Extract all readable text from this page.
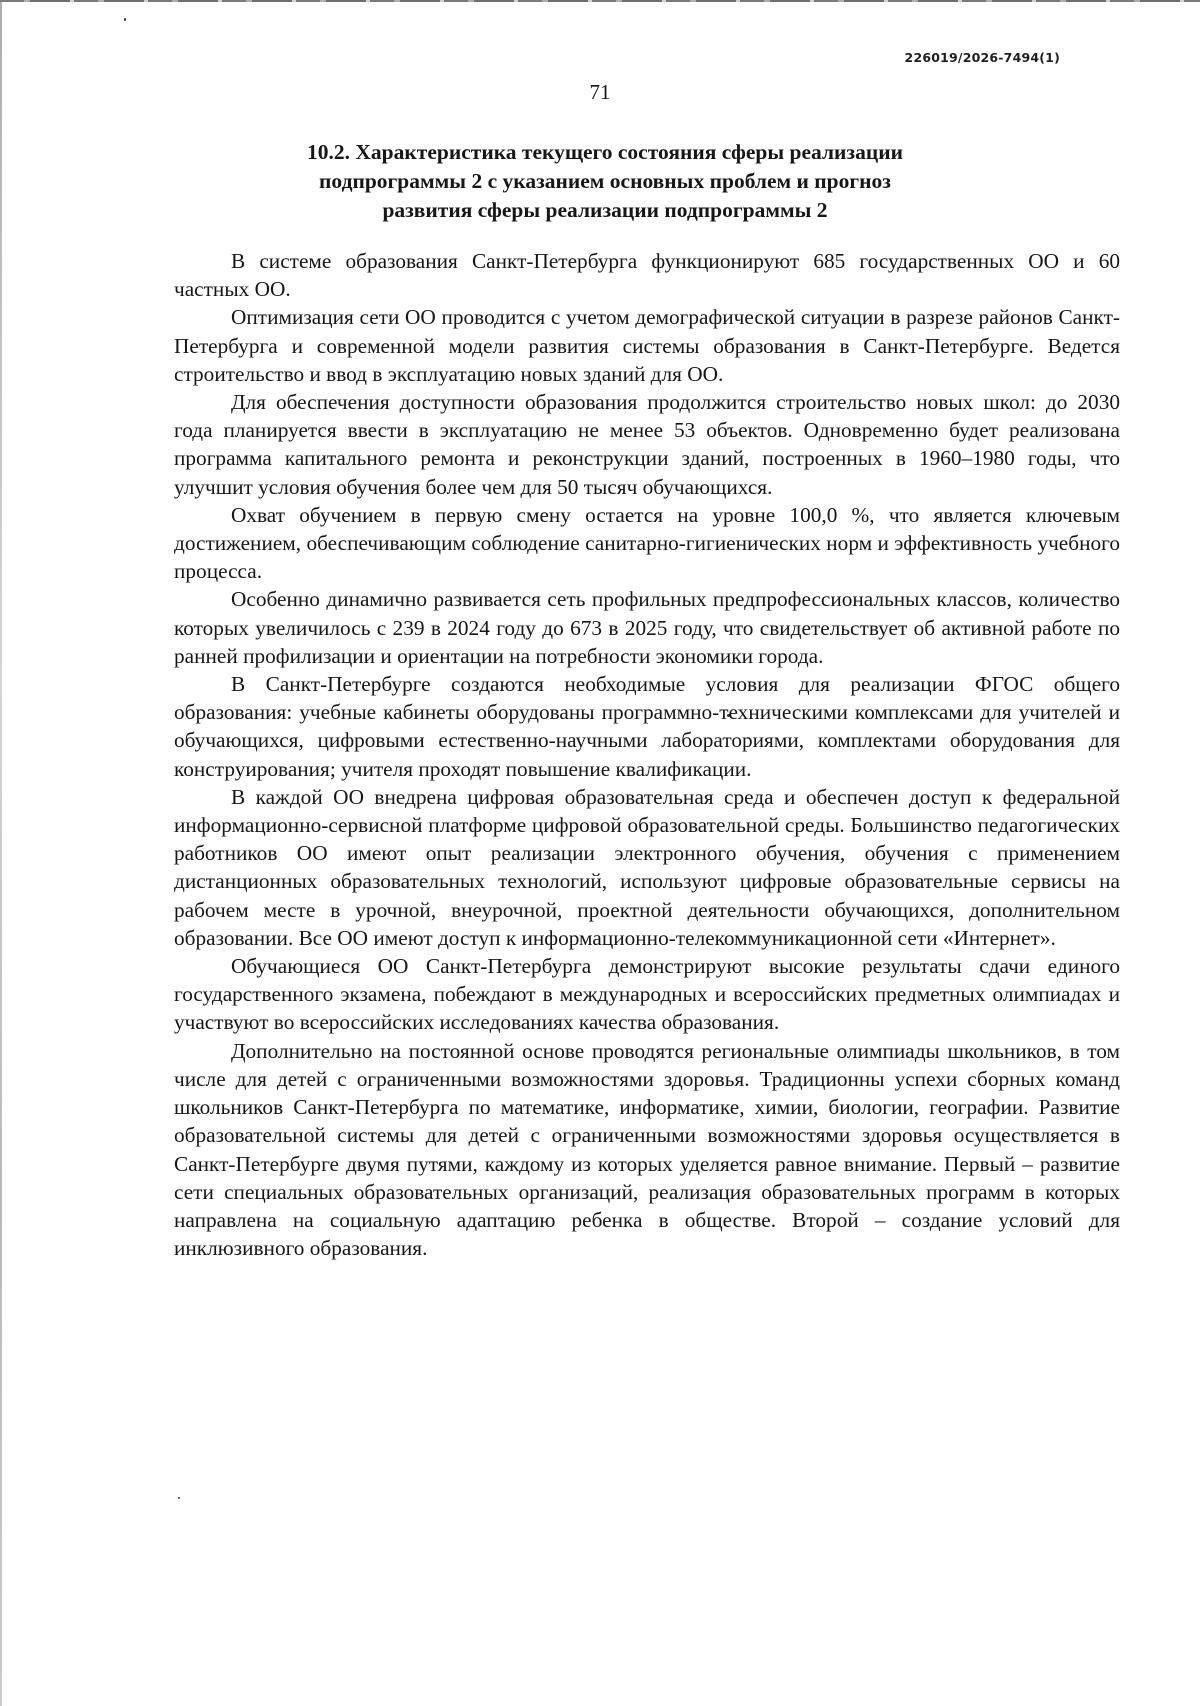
226019/2026-7494(1)
71
10.2. Характеристика текущего состояния сферы реализации
подпрограммы 2 с указанием основных проблем и прогноз
развития сферы реализации подпрограммы 2

В системе образования Санкт-Петербурга функционируют 685 государственных ОО и 60 частных ОО.

Оптимизация сети ОО проводится с учетом демографической ситуации в разрезе районов Санкт-Петербурга и современной модели развития системы образования в Санкт-Петербурге. Ведется строительство и ввод в эксплуатацию новых зданий для ОО.

Для обеспечения доступности образования продолжится строительство новых школ: до 2030 года планируется ввести в эксплуатацию не менее 53 объектов. Одновременно будет реализована программа капитального ремонта и реконструкции зданий, построенных в 1960–1980 годы, что улучшит условия обучения более чем для 50 тысяч обучающихся.

Охват обучением в первую смену остается на уровне 100,0 %, что является ключевым достижением, обеспечивающим соблюдение санитарно-гигиенических норм и эффективность учебного процесса.

Особенно динамично развивается сеть профильных предпрофессиональных классов, количество которых увеличилось с 239 в 2024 году до 673 в 2025 году, что свидетельствует об активной работе по ранней профилизации и ориентации на потребности экономики города.

В Санкт-Петербурге создаются необходимые условия для реализации ФГОС общего образования: учебные кабинеты оборудованы программно-техническими комплексами для учителей и обучающихся, цифровыми естественно-научными лабораториями, комплектами оборудования для конструирования; учителя проходят повышение квалификации.

В каждой ОО внедрена цифровая образовательная среда и обеспечен доступ к федеральной информационно-сервисной платформе цифровой образовательной среды. Большинство педагогических работников ОО имеют опыт реализации электронного обучения, обучения с применением дистанционных образовательных технологий, используют цифровые образовательные сервисы на рабочем месте в урочной, внеурочной, проектной деятельности обучающихся, дополнительном образовании. Все ОО имеют доступ к информационно-телекоммуникационной сети «Интернет».

Обучающиеся ОО Санкт-Петербурга демонстрируют высокие результаты сдачи единого государственного экзамена, побеждают в международных и всероссийских предметных олимпиадах и участвуют во всероссийских исследованиях качества образования.

Дополнительно на постоянной основе проводятся региональные олимпиады школьников, в том числе для детей с ограниченными возможностями здоровья. Традиционны успехи сборных команд школьников Санкт-Петербурга по математике, информатике, химии, биологии, географии. Развитие образовательной системы для детей с ограниченными возможностями здоровья осуществляется в Санкт-Петербурге двумя путями, каждому из которых уделяется равное внимание. Первый – развитие сети специальных образовательных организаций, реализация образовательных программ в которых направлена на социальную адаптацию ребенка в обществе. Второй – создание условий для инклюзивного образования.
